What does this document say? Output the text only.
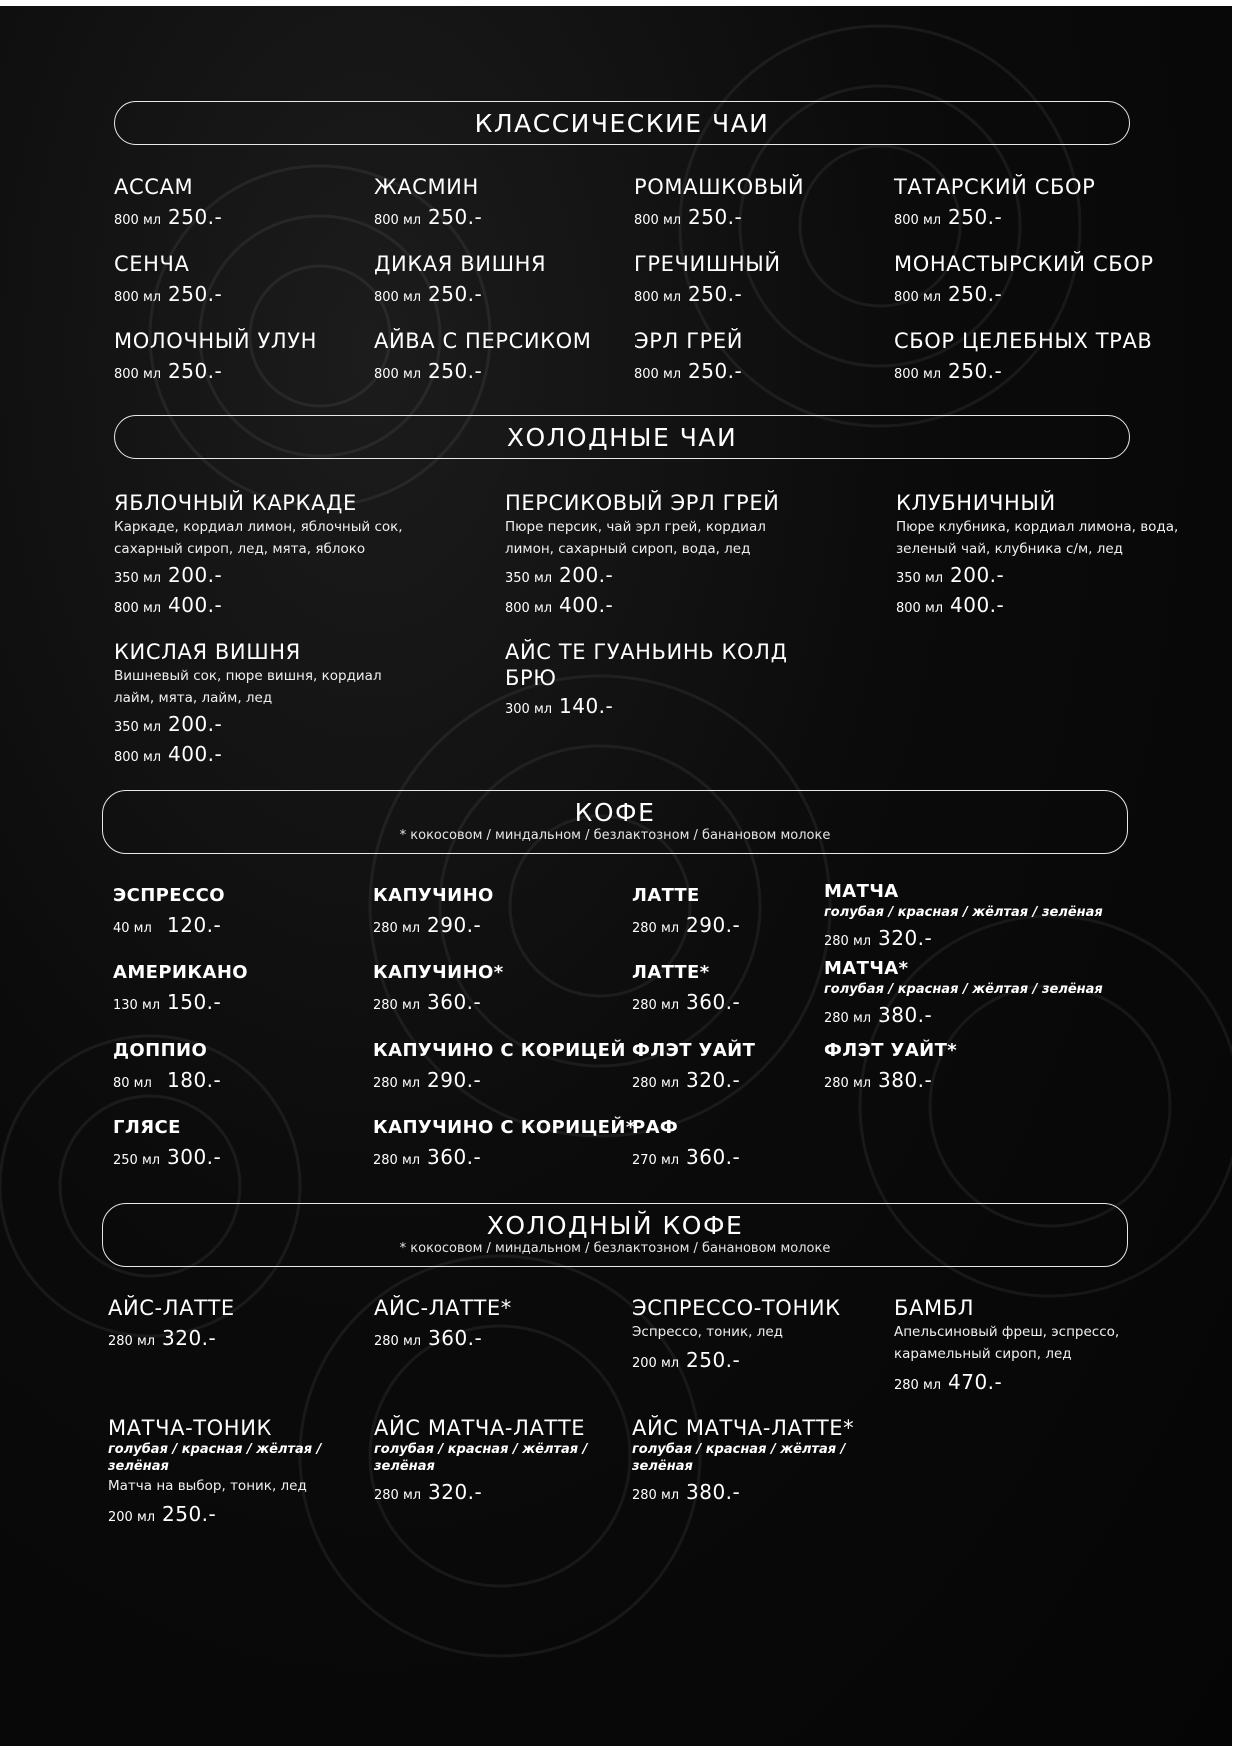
КЛАССИЧЕСКИЕ ЧАИ
ХОЛОДНЫЕ ЧАИ
КОФЕ
* кокосовом / миндальном / безлактозном / банановом молоке
ХОЛОДНЫЙ КОФЕ
* кокосовом / миндальном / безлактозном / банановом молоке
АССАМ
800 мл 250.-
ЖАСМИН
800 мл 250.-
РОМАШКОВЫЙ
800 мл 250.-
ТАТАРСКИЙ СБОР
800 мл 250.-
СЕНЧА
800 мл 250.-
ДИКАЯ ВИШНЯ
800 мл 250.-
ГРЕЧИШНЫЙ
800 мл 250.-
МОНАСТЫРСКИЙ СБОР
800 мл 250.-
МОЛОЧНЫЙ УЛУН
800 мл 250.-
АЙВА С ПЕРСИКОМ
800 мл 250.-
ЭРЛ ГРЕЙ
800 мл 250.-
СБОР ЦЕЛЕБНЫХ ТРАВ
800 мл 250.-
ЯБЛОЧНЫЙ КАРКАДЕ
Каркаде, кордиал лимон, яблочный сок, сахарный сироп, лед, мята, яблоко
350 мл 200.-
800 мл 400.-
ПЕРСИКОВЫЙ ЭРЛ ГРЕЙ
Пюре персик, чай эрл грей, кордиал лимон, сахарный сироп, вода, лед
350 мл 200.-
800 мл 400.-
КЛУБНИЧНЫЙ
Пюре клубника, кордиал лимона, вода, зеленый чай, клубника с/м, лед
350 мл 200.-
800 мл 400.-
КИСЛАЯ ВИШНЯ
Вишневый сок, пюре вишня, кордиал лайм, мята, лайм, лед
350 мл 200.-
800 мл 400.-
АЙС ТЕ ГУАНЬИНЬ КОЛД БРЮ
300 мл 140.-
ЭСПРЕССО
40 мл 120.-
КАПУЧИНО
280 мл 290.-
ЛАТТЕ
280 мл 290.-
МАТЧА
голубая / красная / жёлтая / зелёная
280 мл 320.-
АМЕРИКАНО
130 мл 150.-
КАПУЧИНО*
280 мл 360.-
ЛАТТЕ*
280 мл 360.-
МАТЧА*
голубая / красная / жёлтая / зелёная
280 мл 380.-
ДОППИО
80 мл 180.-
КАПУЧИНО С КОРИЦЕЙ
280 мл 290.-
ФЛЭТ УАЙТ
280 мл 320.-
ФЛЭТ УАЙТ*
280 мл 380.-
ГЛЯСЕ
250 мл 300.-
КАПУЧИНО С КОРИЦЕЙ*
280 мл 360.-
РАФ
270 мл 360.-
АЙС-ЛАТТЕ
280 мл 320.-
АЙС-ЛАТТЕ*
280 мл 360.-
ЭСПРЕССО-ТОНИК
Эспрессо, тоник, лед
200 мл 250.-
БАМБЛ
Апельсиновый фреш, эспрессо, карамельный сироп, лед
280 мл 470.-
МАТЧА-ТОНИК
голубая / красная / жёлтая / зелёная
Матча на выбор, тоник, лед
200 мл 250.-
АЙС МАТЧА-ЛАТТЕ
голубая / красная / жёлтая / зелёная
280 мл 320.-
АЙС МАТЧА-ЛАТТЕ*
голубая / красная / жёлтая / зелёная
280 мл 380.-
